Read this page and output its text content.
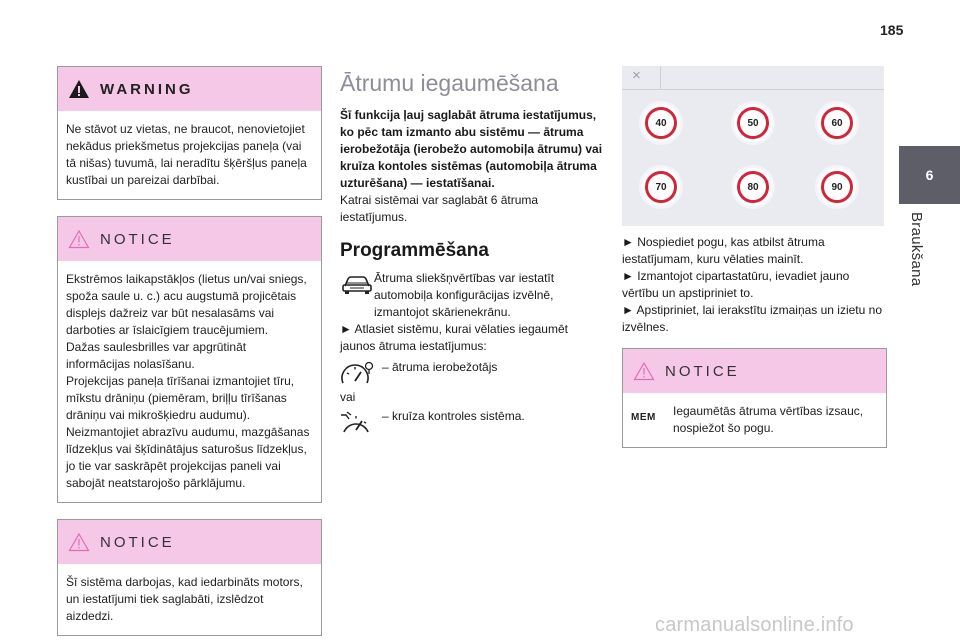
185
6
Braukšana
WARNING
Ne stāvot uz vietas, ne braucot, nenovietojiet nekādus priekšmetus projekcijas paneļa (vai tā nišas) tuvumā, lai neradītu šķēršļus paneļa kustībai un pareizai darbībai.
NOTICE

Ekstrēmos laikapstākļos (lietus un/vai sniegs, spoža saule u. c.) acu augstumā projicētais displejs dažreiz var būt nesalasāms vai darboties ar īslaicīgiem traucējumiem.

Dažas saulesbrilles var apgrūtināt informācijas nolasīšanu.

Projekcijas paneļa tīrīšanai izmantojiet tīru, mīkstu drāniņu (piemēram, briļļu tīrīšanas drāniņu vai mikrošķiedru audumu). Neizmantojiet abrazīvu audumu, mazgāšanas līdzekļus vai šķīdinātājus saturošus līdzekļus, jo tie var saskrāpēt projekcijas paneli vai sabojāt neatstarojošo pārklājumu.

NOTICE
Šī sistēma darbojas, kad iedarbināts motors, un iestatījumi tiek saglabāti, izslēdzot aizdedzi.
Ātrumu iegaumēšana

Šī funkcija ļauj saglabāt ātruma iestatījumus, ko pēc tam izmanto abu sistēmu — ātruma ierobežotāja (ierobežo automobiļa ātrumu) vai kruīza kontoles sistēmas (automobiļa ātruma uzturēšana) — iestatīšanai.

Katrai sistēmai var saglabāt 6 ātruma iestatījumus.

Programmēšana

Ātruma sliekšņvērtības var iestatīt automobiļa konfigurācijas izvēlnē, izmantojot skārienekrānu.

► Atlasiet sistēmu, kurai vēlaties iegaumēt jaunos ātruma iestatījumus:

– ātruma ierobežotājs

vai

– kruīza kontroles sistēma.

×
40	50	60
70	80	90

► Nospiediet pogu, kas atbilst ātruma iestatījumam, kuru vēlaties mainīt.

► Izmantojot cipartastatūru, ievadiet jauno vērtību un apstipriniet to.

► Apstipriniet, lai ierakstītu izmaiņas un izietu no izvēlnes.

NOTICE
MEM	Iegaumētās ātruma vērtības izsauc, nospiežot šo pogu.

carmanualsonline.info
